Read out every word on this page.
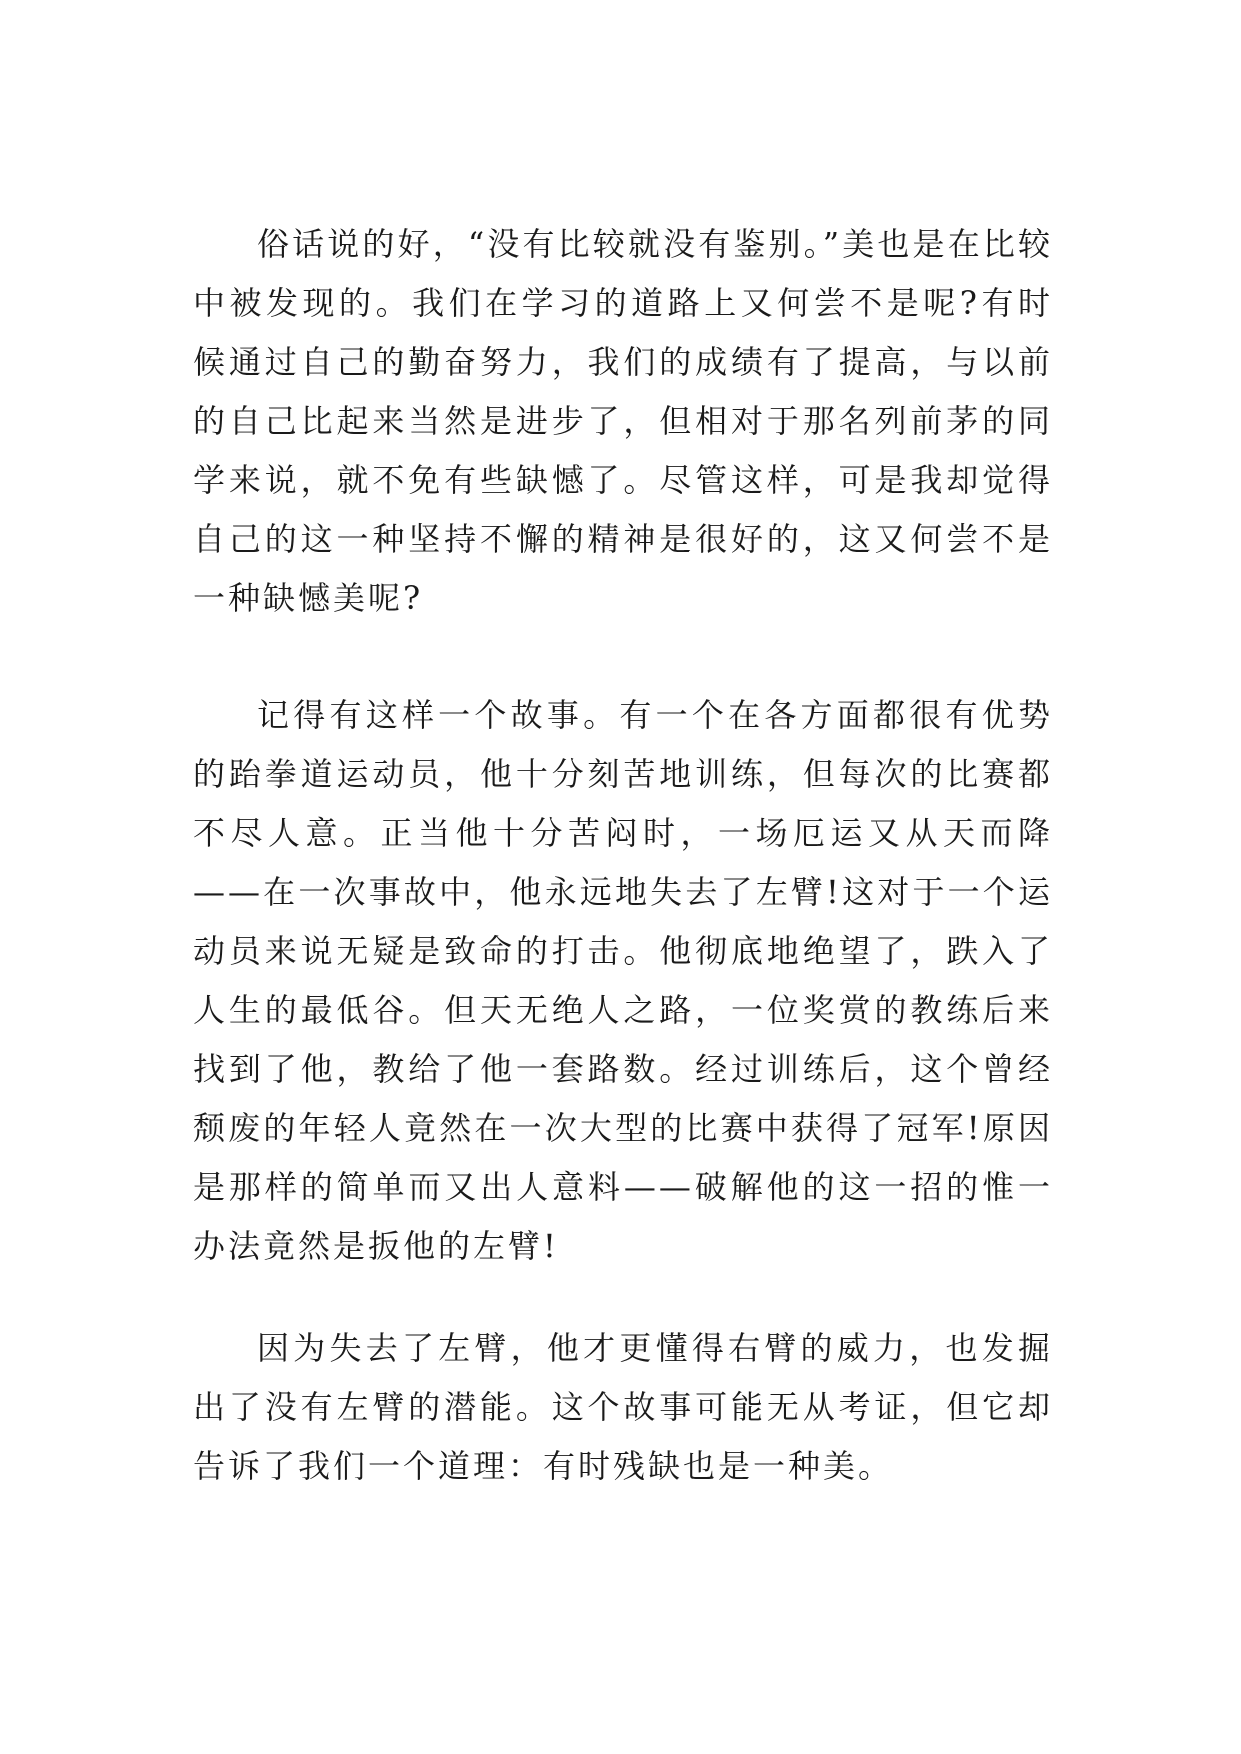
俗话说的好，“没有比较就没有鉴别。”美也是在比较中被发现的。我们在学习的道路上又何尝不是呢?有时候通过自己的勤奋努力，我们的成绩有了提高，与以前的自己比起来当然是进步了，但相对于那名列前茅的同学来说，就不免有些缺憾了。尽管这样，可是我却觉得自己的这一种坚持不懈的精神是很好的，这又何尝不是一种缺憾美呢?

记得有这样一个故事。有一个在各方面都很有优势的跆拳道运动员，他十分刻苦地训练，但每次的比赛都不尽人意。正当他十分苦闷时，一场厄运又从天而降——在一次事故中，他永远地失去了左臂!这对于一个运动员来说无疑是致命的打击。他彻底地绝望了，跌入了人生的最低谷。但天无绝人之路，一位奖赏的教练后来找到了他，教给了他一套路数。经过训练后，这个曾经颓废的年轻人竟然在一次大型的比赛中获得了冠军!原因是那样的简单而又出人意料——破解他的这一招的惟一办法竟然是扳他的左臂!

因为失去了左臂，他才更懂得右臂的威力，也发掘出了没有左臂的潜能。这个故事可能无从考证，但它却告诉了我们一个道理：有时残缺也是一种美。
